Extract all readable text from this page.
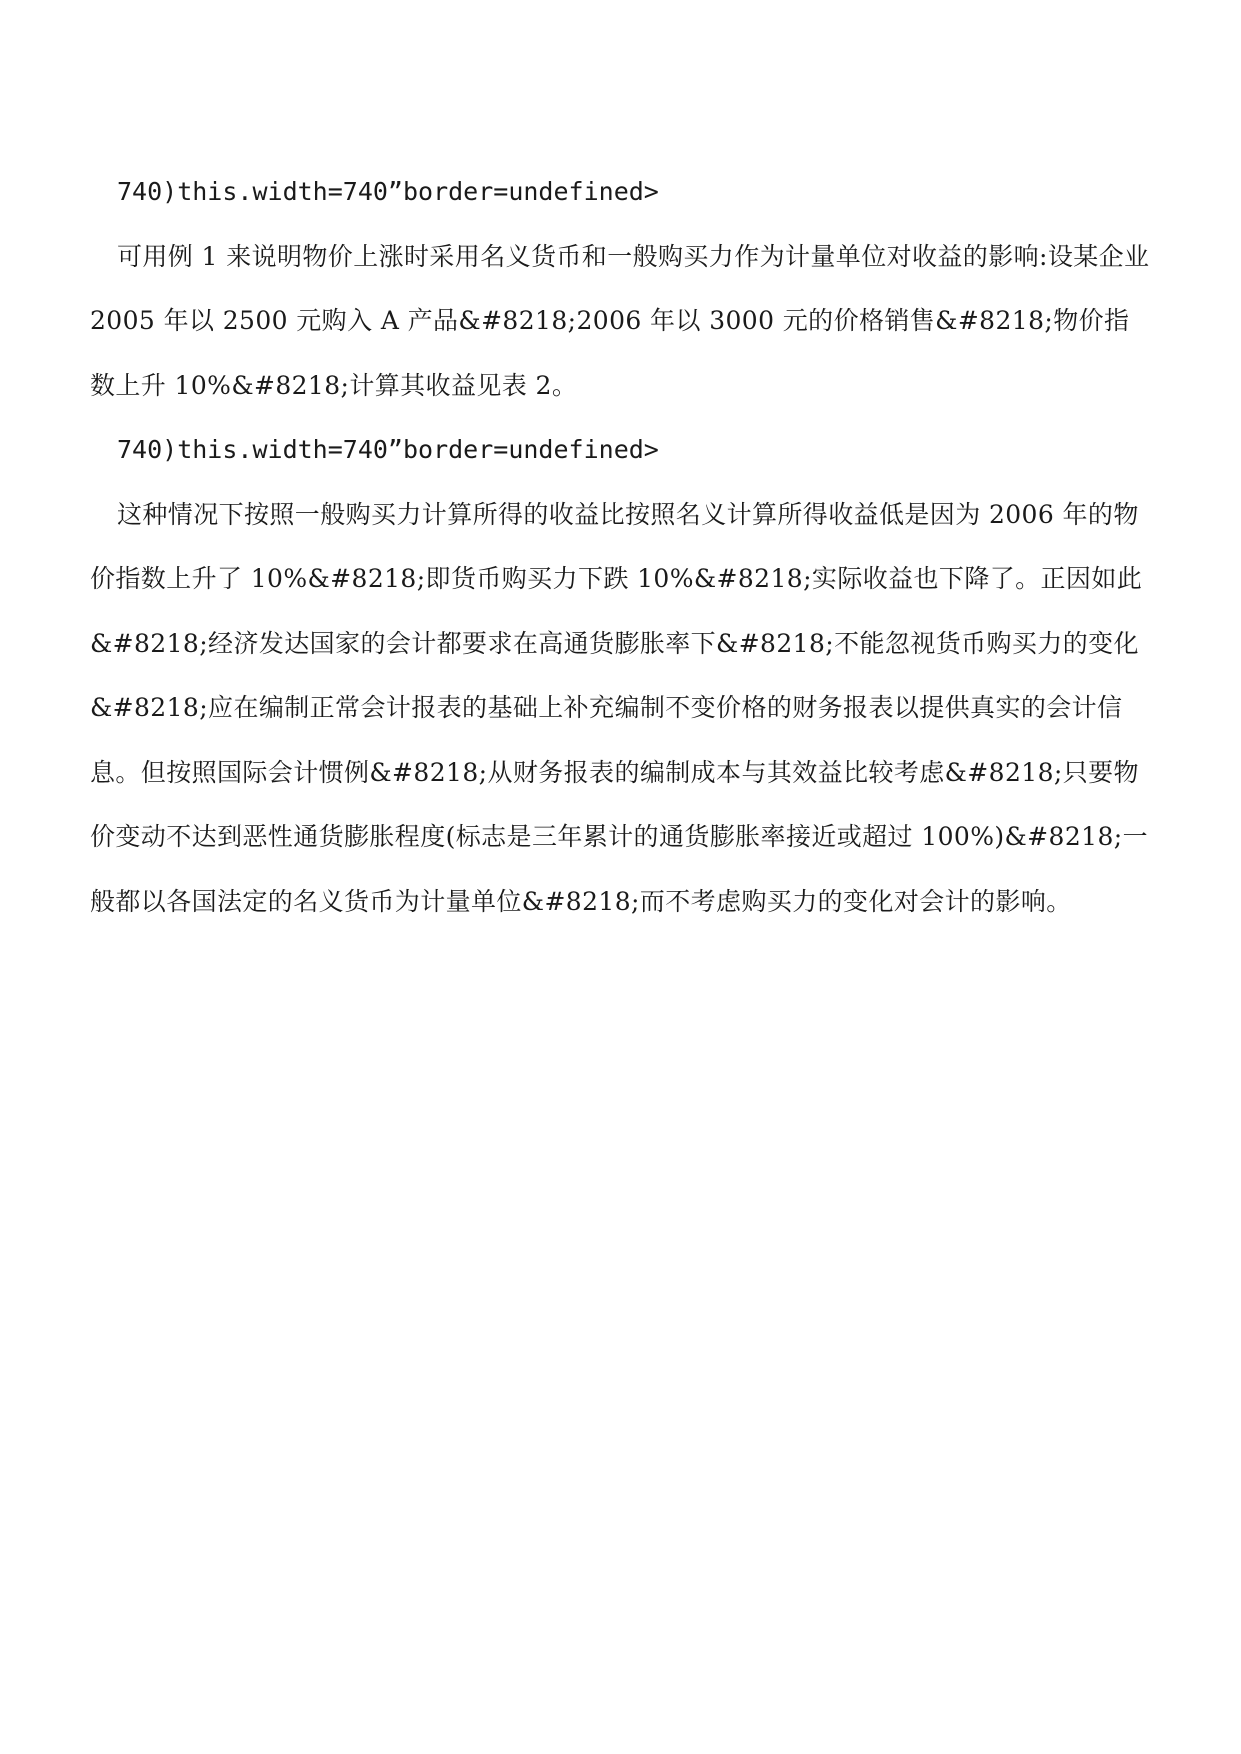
740)this.width=740”border=undefined>

可用例 1 来说明物价上涨时采用名义货币和一般购买力作为计量单位对收益的影响:设某企业 2005 年以 2500 元购入 A 产品&#8218;2006 年以 3000 元的价格销售&#8218;物价指数上升 10%&#8218;计算其收益见表 2。

740)this.width=740”border=undefined>

这种情况下按照一般购买力计算所得的收益比按照名义计算所得收益低是因为 2006 年的物价指数上升了 10%&#8218;即货币购买力下跌 10%&#8218;实际收益也下降了。正因如此&#8218;经济发达国家的会计都要求在高通货膨胀率下&#8218;不能忽视货币购买力的变化&#8218;应在编制正常会计报表的基础上补充编制不变价格的财务报表以提供真实的会计信息。但按照国际会计惯例&#8218;从财务报表的编制成本与其效益比较考虑&#8218;只要物价变动不达到恶性通货膨胀程度(标志是三年累计的通货膨胀率接近或超过 100%)&#8218;一般都以各国法定的名义货币为计量单位&#8218;而不考虑购买力的变化对会计的影响。
